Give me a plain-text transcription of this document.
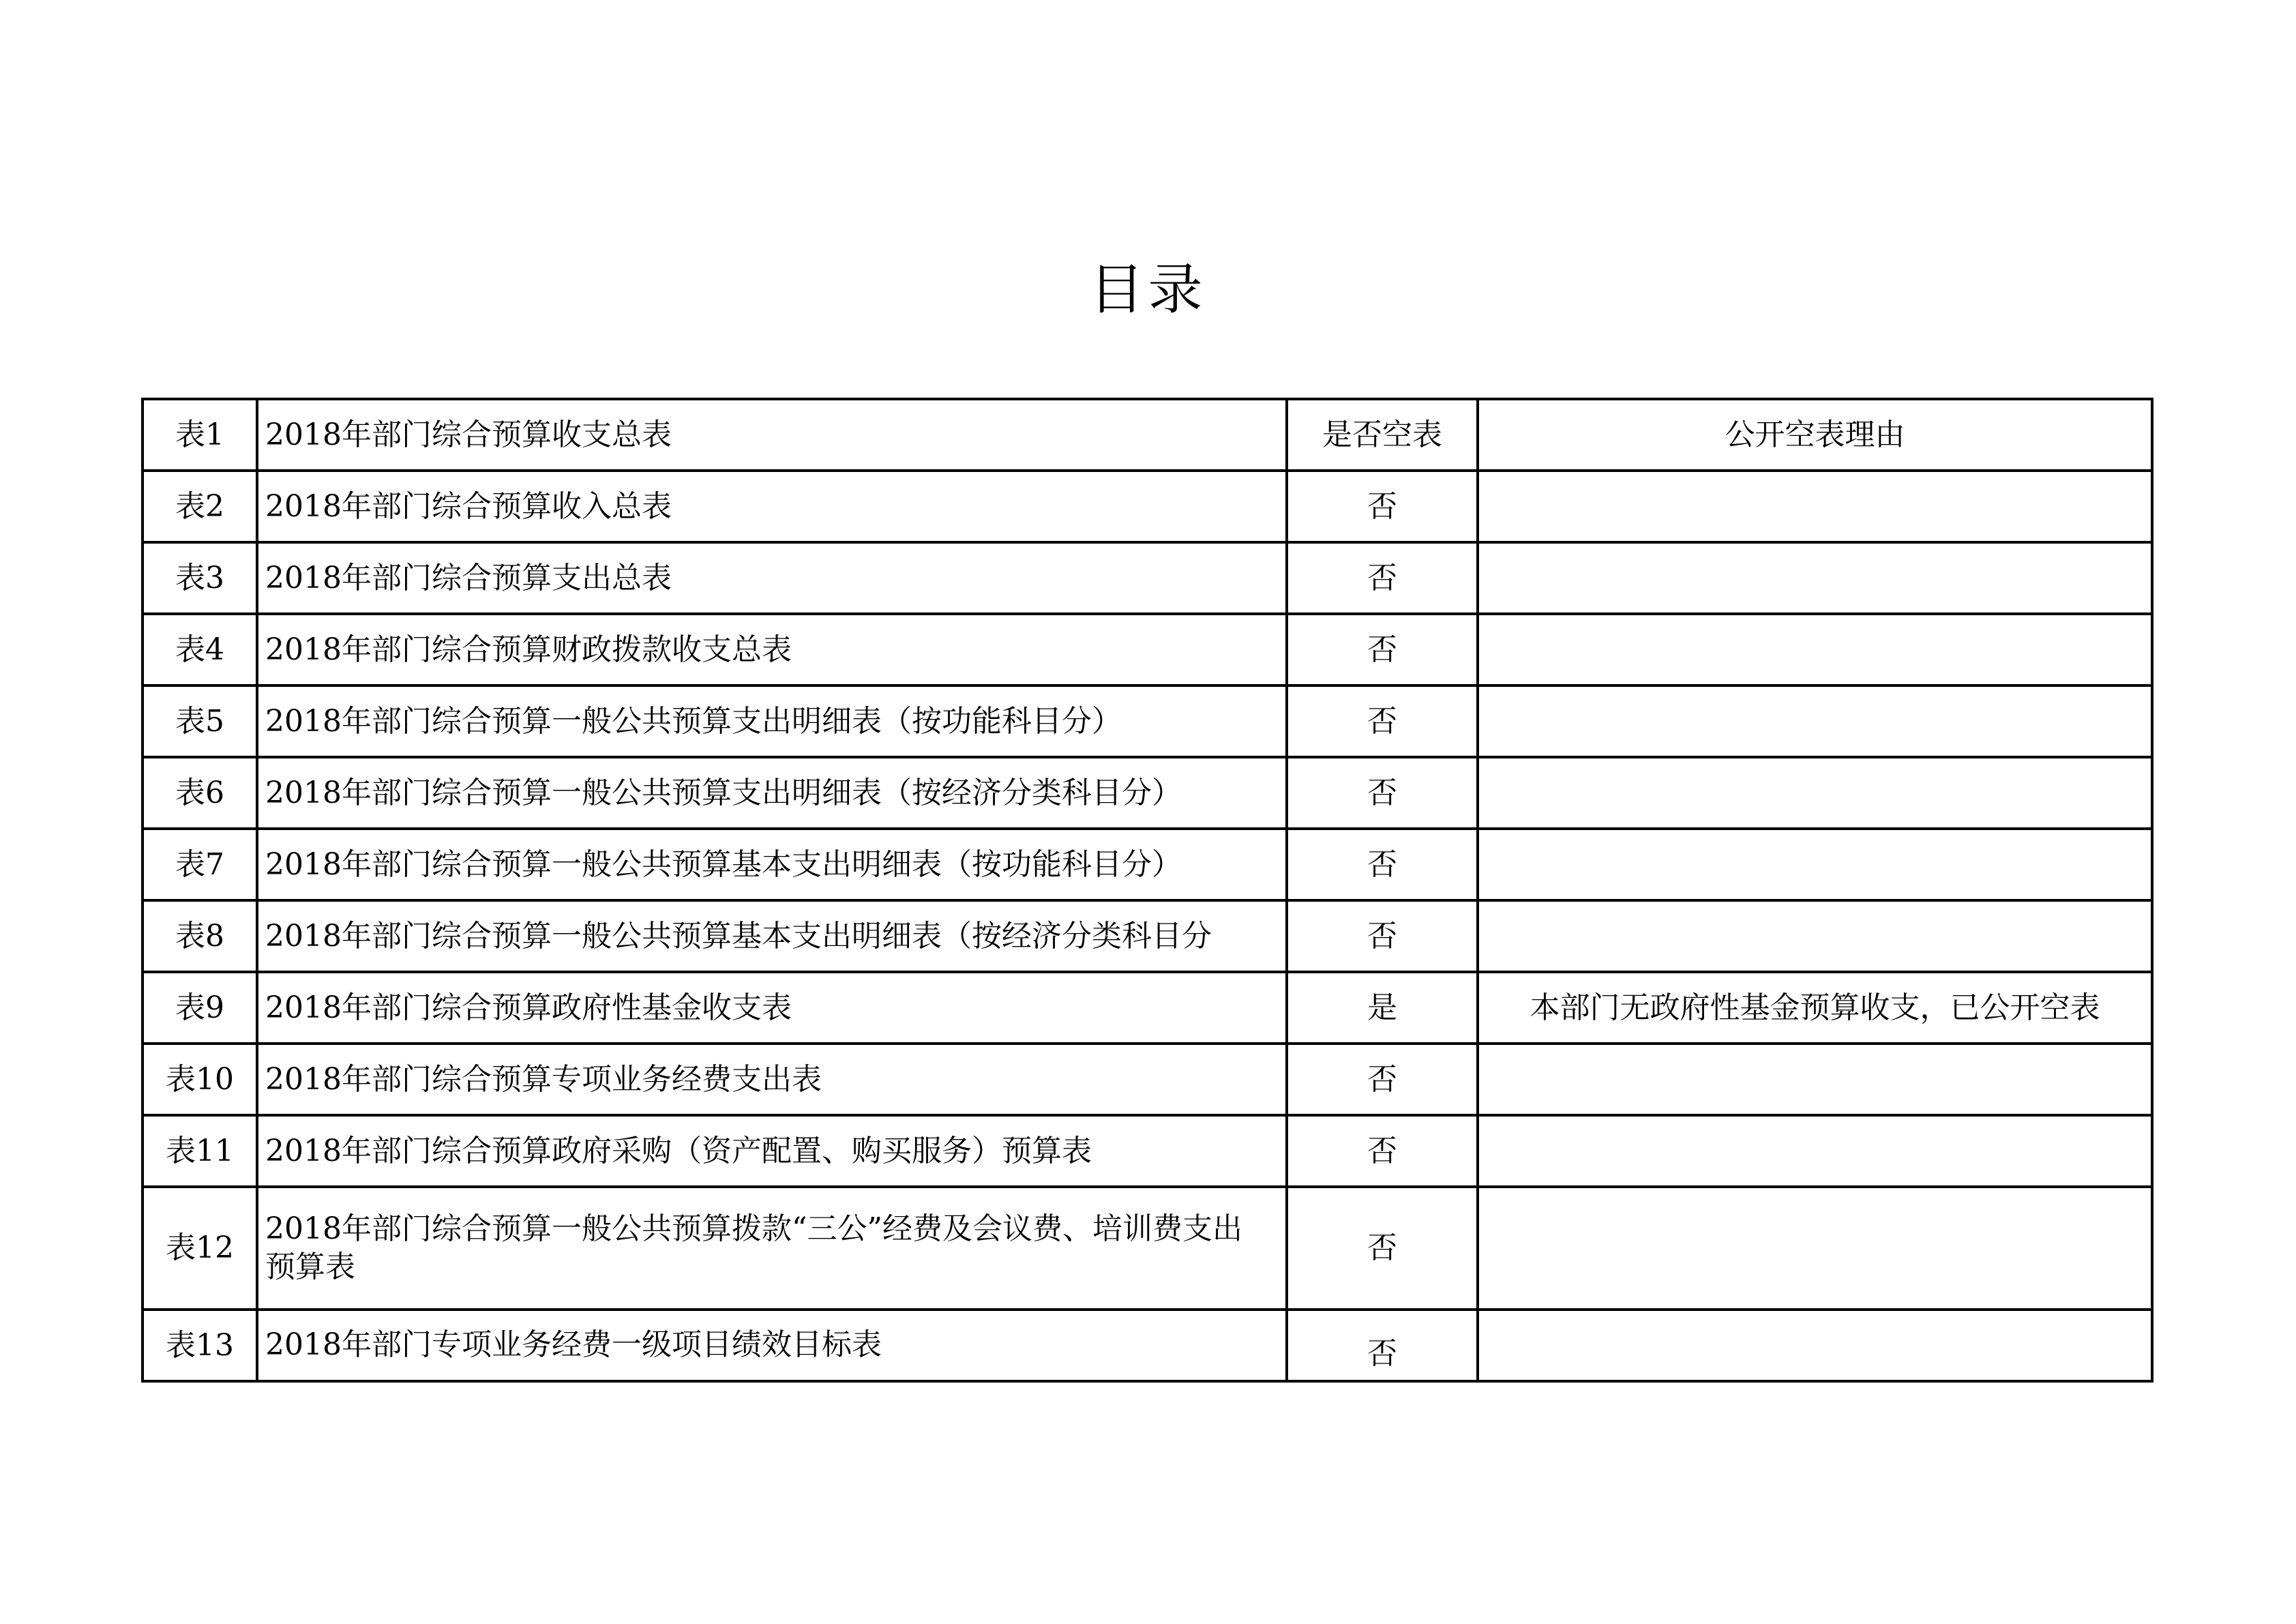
目录
表1	2018年部门综合预算收支总表	是否空表	公开空表理由
表2	2018年部门综合预算收入总表	否	
表3	2018年部门综合预算支出总表	否	
表4	2018年部门综合预算财政拨款收支总表	否	
表5	2018年部门综合预算一般公共预算支出明细表（按功能科目分）	否	
表6	2018年部门综合预算一般公共预算支出明细表（按经济分类科目分）	否	
表7	2018年部门综合预算一般公共预算基本支出明细表（按功能科目分）	否	
表8	2018年部门综合预算一般公共预算基本支出明细表（按经济分类科目分	否	
表9	2018年部门综合预算政府性基金收支表	是	本部门无政府性基金预算收支，已公开空表
表10	2018年部门综合预算专项业务经费支出表	否	
表11	2018年部门综合预算政府采购（资产配置、购买服务）预算表	否	
表12	2018年部门综合预算一般公共预算拨款“三公”经费及会议费、培训费支出预算表	否	
表13	2018年部门专项业务经费一级项目绩效目标表	否	
